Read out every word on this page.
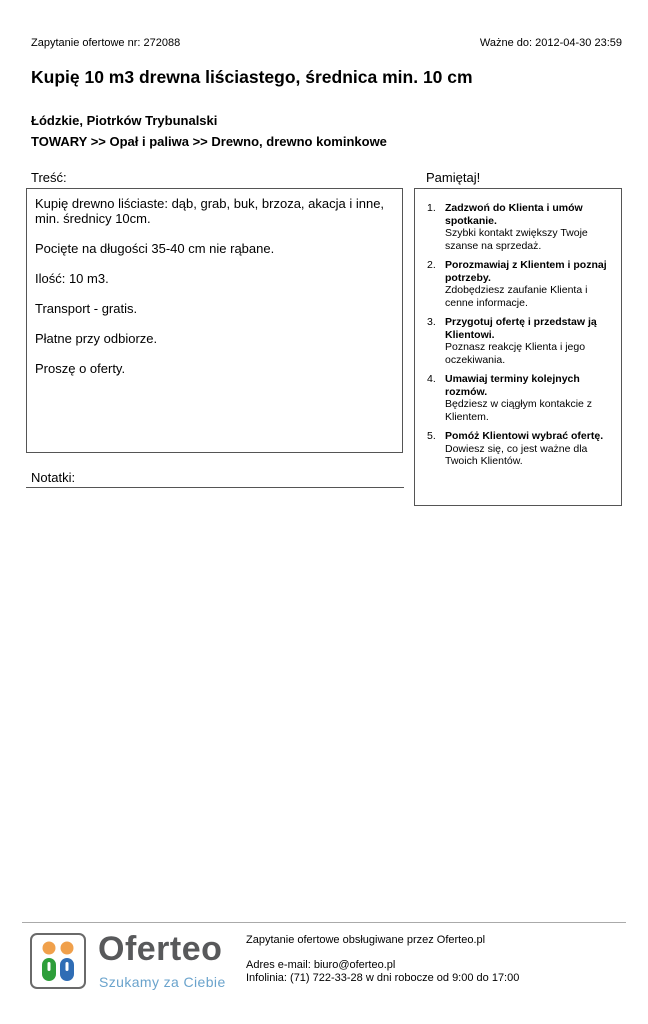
Zapytanie ofertowe nr: 272088	Ważne do: 2012-04-30 23:59
Kupię 10 m3 drewna liściastego, średnica min. 10 cm
Łódzkie, Piotrków Trybunalski
TOWARY >> Opał i paliwa >> Drewno, drewno kominkowe
Treść:

Kupię drewno liściaste: dąb, grab, buk, brzoza, akacja i inne, min. średnicy 10cm.

Pocięte na długości 35-40 cm nie rąbane.

Ilość: 10 m3.

Transport - gratis.

Płatne przy odbiorze.

Proszę o oferty.

Notatki:
Pamiętaj!
1. Zadzwoń do Klienta i umów spotkanie.
Szybki kontakt zwiększy Twoje szanse na sprzedaż.
2. Porozmawiaj z Klientem i poznaj potrzeby.
Zdobędziesz zaufanie Klienta i cenne informacje.
3. Przygotuj ofertę i przedstaw ją Klientowi.
Poznasz reakcję Klienta i jego oczekiwania.
4. Umawiaj terminy kolejnych rozmów.
Będziesz w ciągłym kontakcie z Klientem.
5. Pomóż Klientowi wybrać ofertę.
Dowiesz się, co jest ważne dla Twoich Klientów.
Oferteo
Szukamy za Ciebie
Zapytanie ofertowe obsługiwane przez Oferteo.pl
Adres e-mail: biuro@oferteo.pl
Infolinia: (71) 722-33-28 w dni robocze od 9:00 do 17:00
